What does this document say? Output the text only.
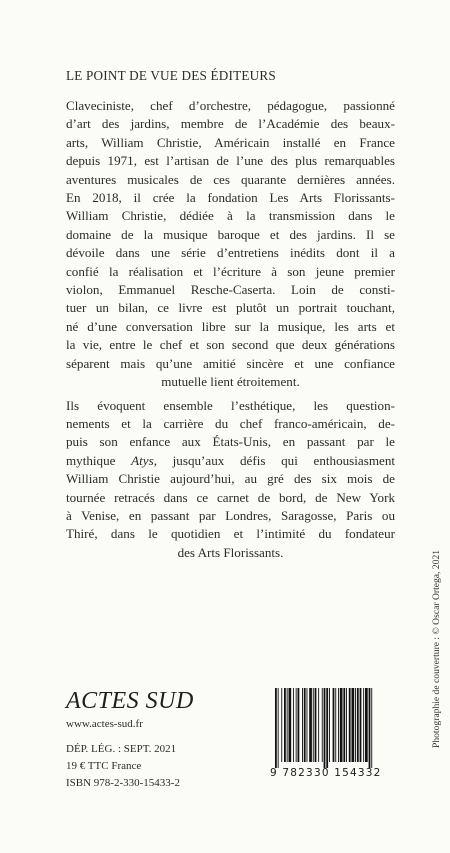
LE POINT DE VUE DES ÉDITEURS

Claveciniste, chef d’orchestre, pédagogue, passionné
d’art des jardins, membre de l’Académie des beaux-
arts, William Christie, Américain installé en France
depuis 1971, est l’artisan de l’une des plus remarquables
aventures musicales de ces quarante dernières années.
En 2018, il crée la fondation Les Arts Florissants-
William Christie, dédiée à la transmission dans le
domaine de la musique baroque et des jardins. Il se
dévoile dans une série d’entretiens inédits dont il a
confié la réalisation et l’écriture à son jeune premier
violon, Emmanuel Resche-Caserta. Loin de consti-
tuer un bilan, ce livre est plutôt un portrait touchant,
né d’une conversation libre sur la musique, les arts et
la vie, entre le chef et son second que deux générations
séparent mais qu’une amitié sincère et une confiance
mutuelle lient étroitement.

Ils évoquent ensemble l’esthétique, les question-
nements et la carrière du chef franco-américain, de-
puis son enfance aux États-Unis, en passant par le
mythique Atys, jusqu’aux défis qui enthousiasment
William Christie aujourd’hui, au gré des six mois de
tournée retracés dans ce carnet de bord, de New York
à Venise, en passant par Londres, Saragosse, Paris ou
Thiré, dans le quotidien et l’intimité du fondateur
des Arts Florissants.	Photographie de couverture : © Oscar Ortega, 2021
ACTES SUD
www.actes-sud.fr
DÉP. LÉG. : SEPT. 2021
19 € TTC France
ISBN 978-2-330-15433-2
9 782330 154332
